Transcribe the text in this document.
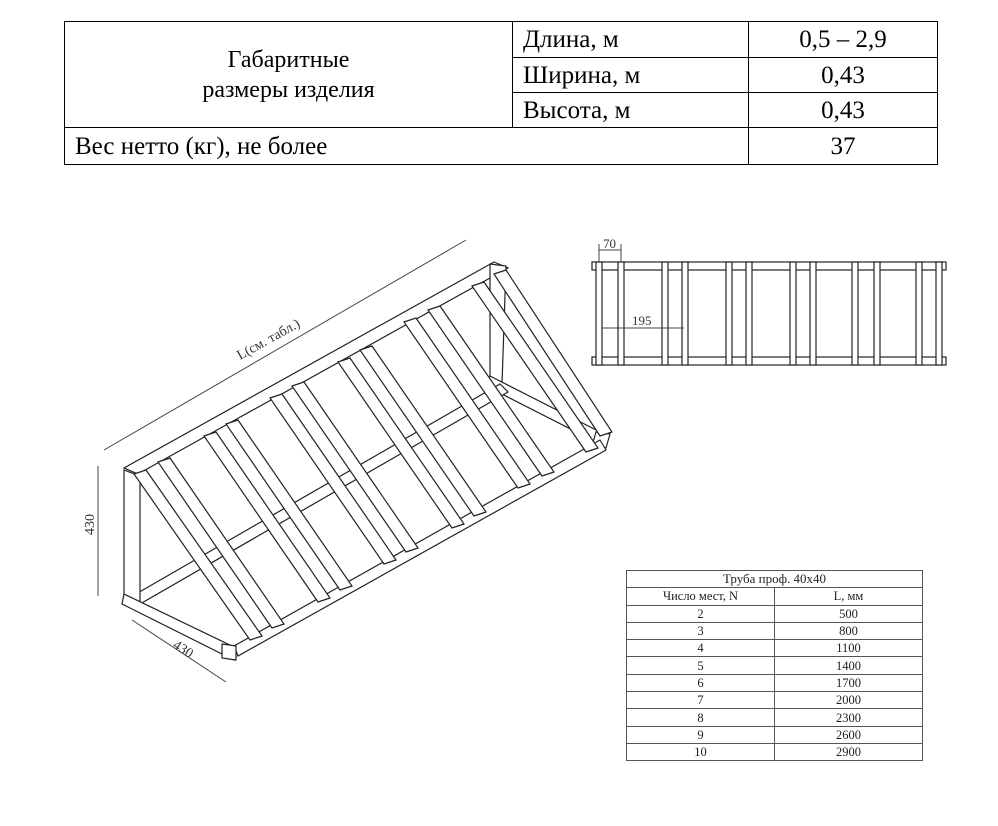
Габаритные
размеры изделия	Длина, м	0,5 – 2,9
	Ширина, м	0,43
	Высота, м	0,43
Вес нетто (кг), не более		37
L(см. табл.)
430
430
70
195
Труба проф. 40x40	
Число мест, N	L, мм
2	500
3	800
4	1100
5	1400
6	1700
7	2000
8	2300
9	2600
10	2900
